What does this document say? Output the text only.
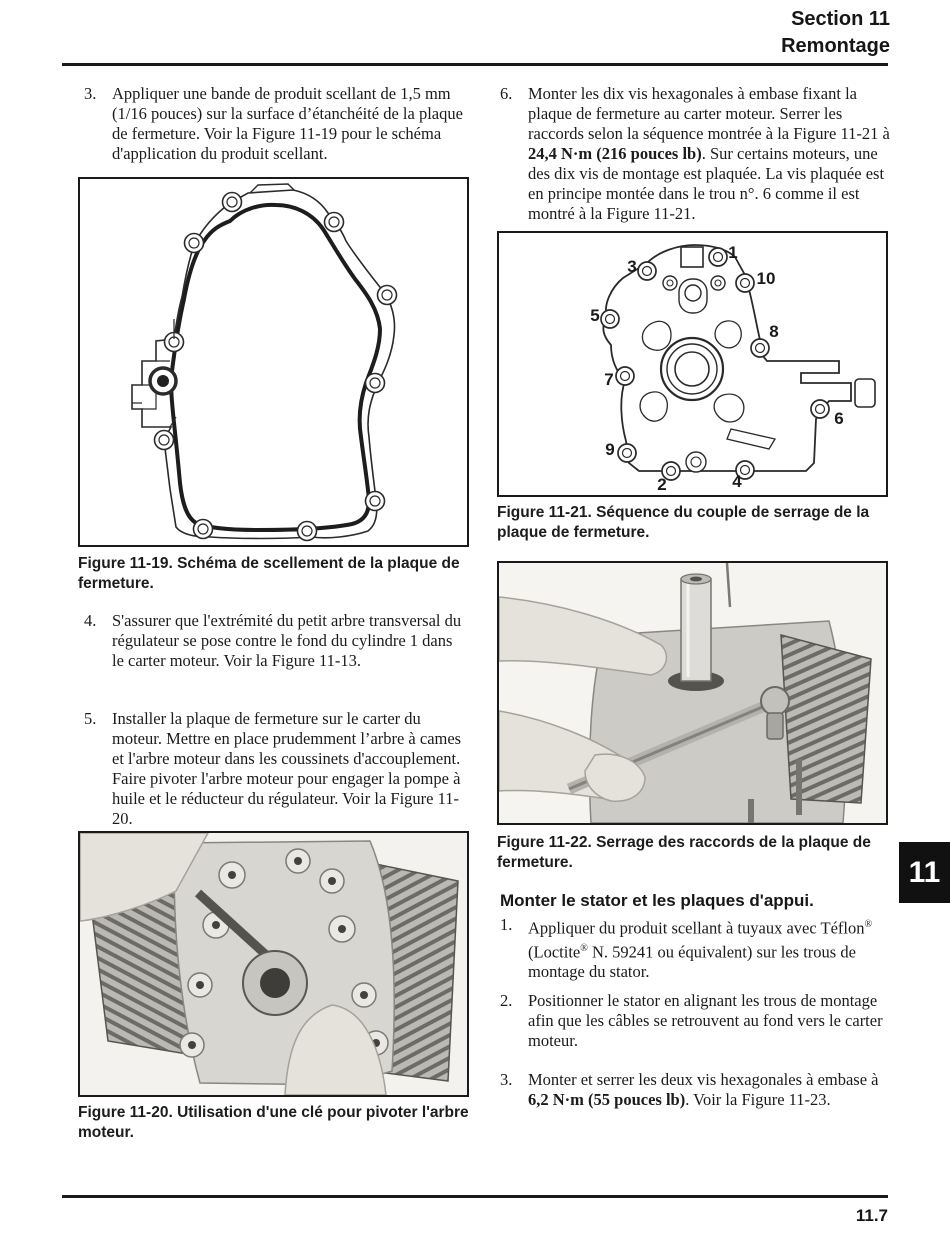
Section 11
Remontage
3. Appliquer une bande de produit scellant de 1,5 mm (1/16 pouces) sur la surface d’étanchéité de la plaque de fermeture. Voir la Figure 11-19 pour le schéma d'application du produit scellant.
Figure 11-19. Schéma de scellement de la plaque de fermeture.
4. S'assurer que l'extrémité du petit arbre transversal du régulateur se pose contre le fond du cylindre 1 dans le carter moteur. Voir la Figure 11-13.
5. Installer la plaque de fermeture sur le carter du moteur. Mettre en place prudemment l’arbre à cames et l'arbre moteur dans les coussinets d'accouplement. Faire pivoter l'arbre moteur pour engager la pompe à huile et le réducteur du régulateur. Voir la Figure 11-20.
Figure 11-20. Utilisation d'une clé pour pivoter l'arbre moteur.
6. Monter les dix vis hexagonales à embase fixant la plaque de fermeture au carter moteur. Serrer les raccords selon la séquence montrée à la Figure 11-21 à 24,4 N·m (216 pouces lb). Sur certains moteurs, une des dix vis de montage est plaquée. La vis plaquée est en principe montée dans le trou n°. 6 comme il est montré à la Figure 11-21.
1
3
10
5
8
7
6
9
2	4
Figure 11-21. Séquence du couple de serrage de la plaque de fermeture.
Figure 11-22. Serrage des raccords de la plaque de fermeture.
Monter le stator et les plaques d'appui.
1. Appliquer du produit scellant à tuyaux avec Téflon® (Loctite® N. 59241 ou équivalent) sur les trous de montage du stator.
2. Positionner le stator en alignant les trous de montage afin que les câbles se retrouvent au fond vers le carter moteur.
3. Monter et serrer les deux vis hexagonales à embase à 6,2 N·m (55 pouces lb). Voir la Figure 11-23.
11
11.7
